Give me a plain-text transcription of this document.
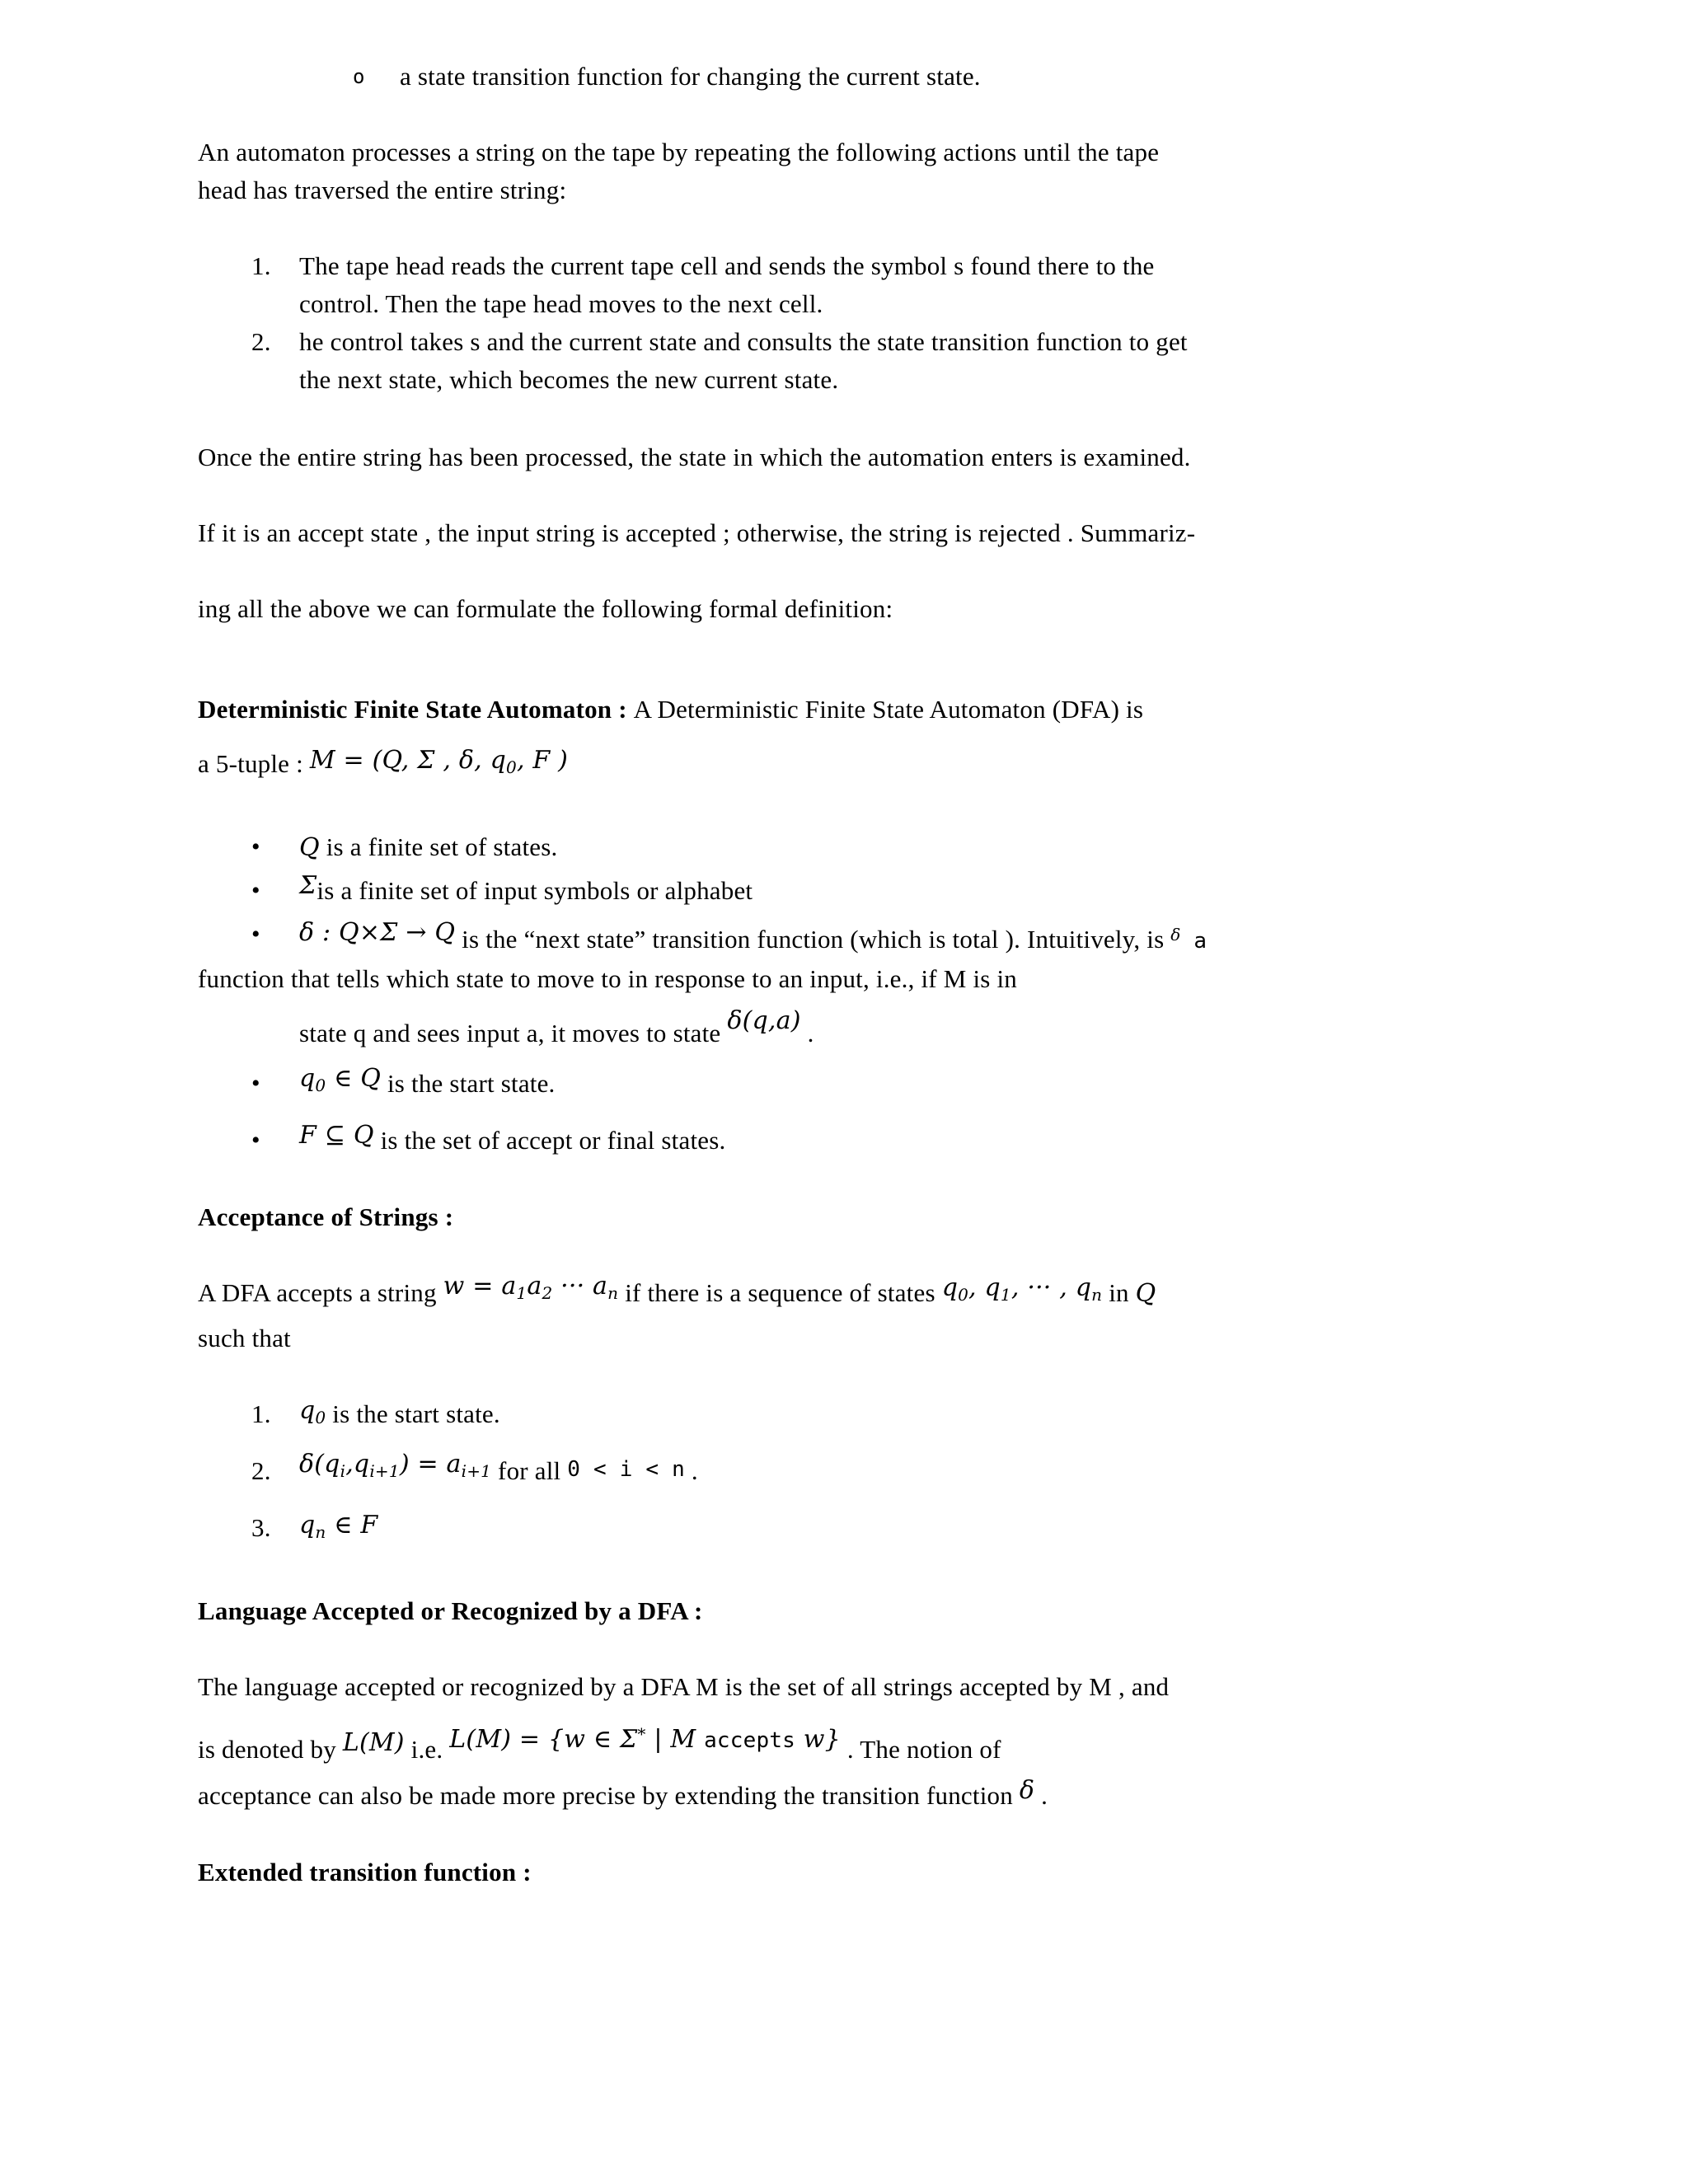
o	a state transition function for changing the current state.
An automaton processes a string on the tape by repeating the following actions until the tape
head has traversed the entire string:
1.	The tape head reads the current tape cell and sends the symbol s found there to the
control. Then the tape head moves to the next cell.
2.	he control takes s and the current state and consults the state transition function to get
the next state, which becomes the new current state.
Once the entire string has been processed, the state in which the automation enters is examined.
If it is an accept state , the input string is accepted ; otherwise, the string is rejected . Summariz-
ing all the above we can formulate the following formal definition:
Deterministic Finite State Automaton : A Deterministic Finite State Automaton (DFA) is
a 5-tuple : M = (Q, Σ , δ, q0, F )
•	Q is a finite set of states.
•	Σis a finite set of input symbols or alphabet
•	δ : Q×Σ → Q is the “next state” transition function (which is total ). Intuitively, is $^\delta$ a
function that tells which state to move to in response to an input, i.e., if M is in
state q and sees input a, it moves to state δ(q,a) .
•	q0 ∈ Q is the start state.
•	F ⊆ Q is the set of accept or final states.
Acceptance of Strings :
A DFA accepts a string w = a1a2 ··· an if there is a sequence of states q0, q1, ··· , qn in Q
such that
1.	q0 is the start state.
2.	δ(qi,qi+1) = ai+1 for all 0 < i < n .
3.	qn ∈ F
Language Accepted or Recognized by a DFA :
The language accepted or recognized by a DFA M is the set of all strings accepted by M , and
is denoted by L(M) i.e. L(M) = {w ∈ Σ* | M $^{accepts}$ w} . The notion of
acceptance can also be made more precise by extending the transition function δ .
Extended transition function :
